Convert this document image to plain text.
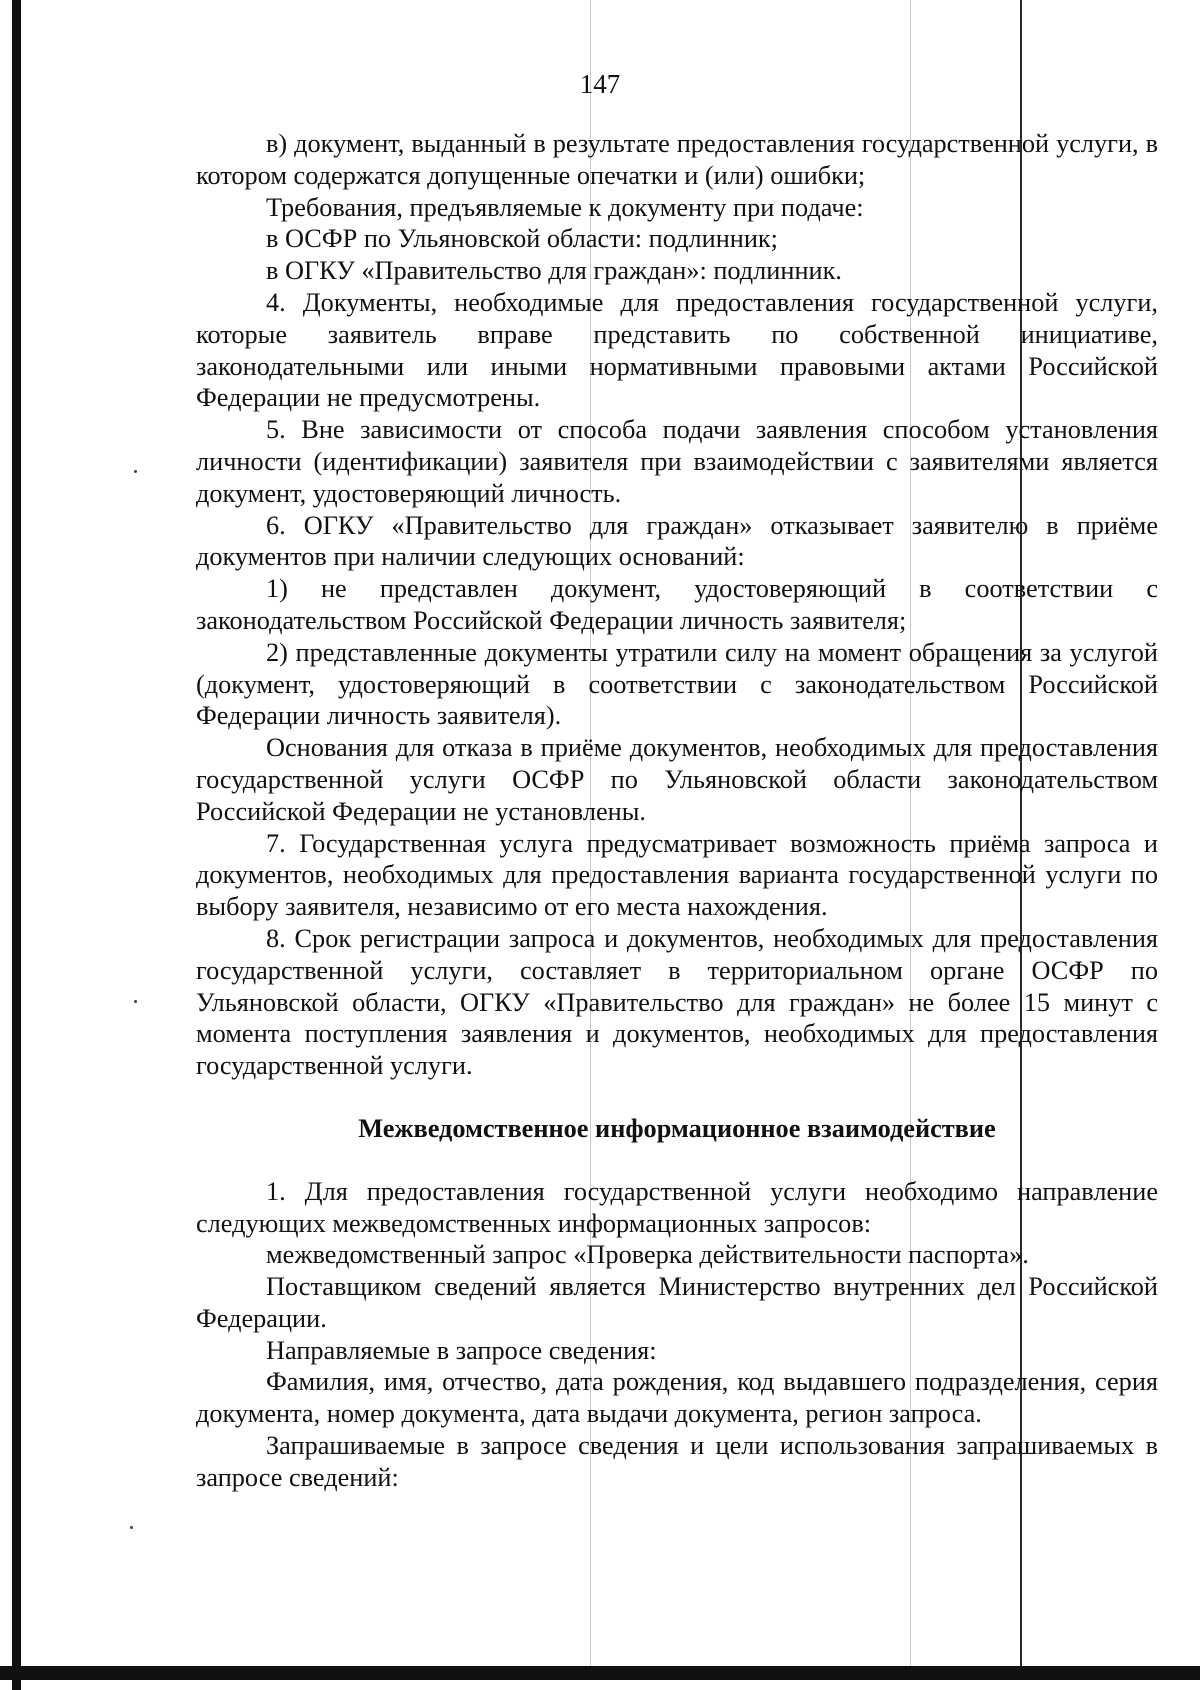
147

в) документ, выданный в результате предоставления государственной услуги, в котором содержатся допущенные опечатки и (или) ошибки;

Требования, предъявляемые к документу при подаче:

в ОСФР по Ульяновской области: подлинник;

в ОГКУ «Правительство для граждан»: подлинник.

4. Документы, необходимые для предоставления государственной услуги, которые заявитель вправе представить по собственной инициативе, законодательными или иными нормативными правовыми актами Российской Федерации не предусмотрены.

5. Вне зависимости от способа подачи заявления способом установления личности (идентификации) заявителя при взаимодействии с заявителями является документ, удостоверяющий личность.

6. ОГКУ «Правительство для граждан» отказывает заявителю в приёме документов при наличии следующих оснований:

1) не представлен документ, удостоверяющий в соответствии с законодательством Российской Федерации личность заявителя;

2) представленные документы утратили силу на момент обращения за услугой (документ, удостоверяющий в соответствии с законодательством Российской Федерации личность заявителя).

Основания для отказа в приёме документов, необходимых для предоставления государственной услуги ОСФР по Ульяновской области законодательством Российской Федерации не установлены.

7. Государственная услуга предусматривает возможность приёма запроса и документов, необходимых для предоставления варианта государственной услуги по выбору заявителя, независимо от его места нахождения.

8. Срок регистрации запроса и документов, необходимых для предоставления государственной услуги, составляет в территориальном органе ОСФР по Ульяновской области, ОГКУ «Правительство для граждан» не более 15 минут с момента поступления заявления и документов, необходимых для предоставления государственной услуги.

Межведомственное информационное взаимодействие

1. Для предоставления государственной услуги необходимо направление следующих межведомственных информационных запросов:

межведомственный запрос «Проверка действительности паспорта».

Поставщиком сведений является Министерство внутренних дел Российской Федерации.

Направляемые в запросе сведения:

Фамилия, имя, отчество, дата рождения, код выдавшего подразделения, серия документа, номер документа, дата выдачи документа, регион запроса.

Запрашиваемые в запросе сведения и цели использования запрашиваемых в запросе сведений:
